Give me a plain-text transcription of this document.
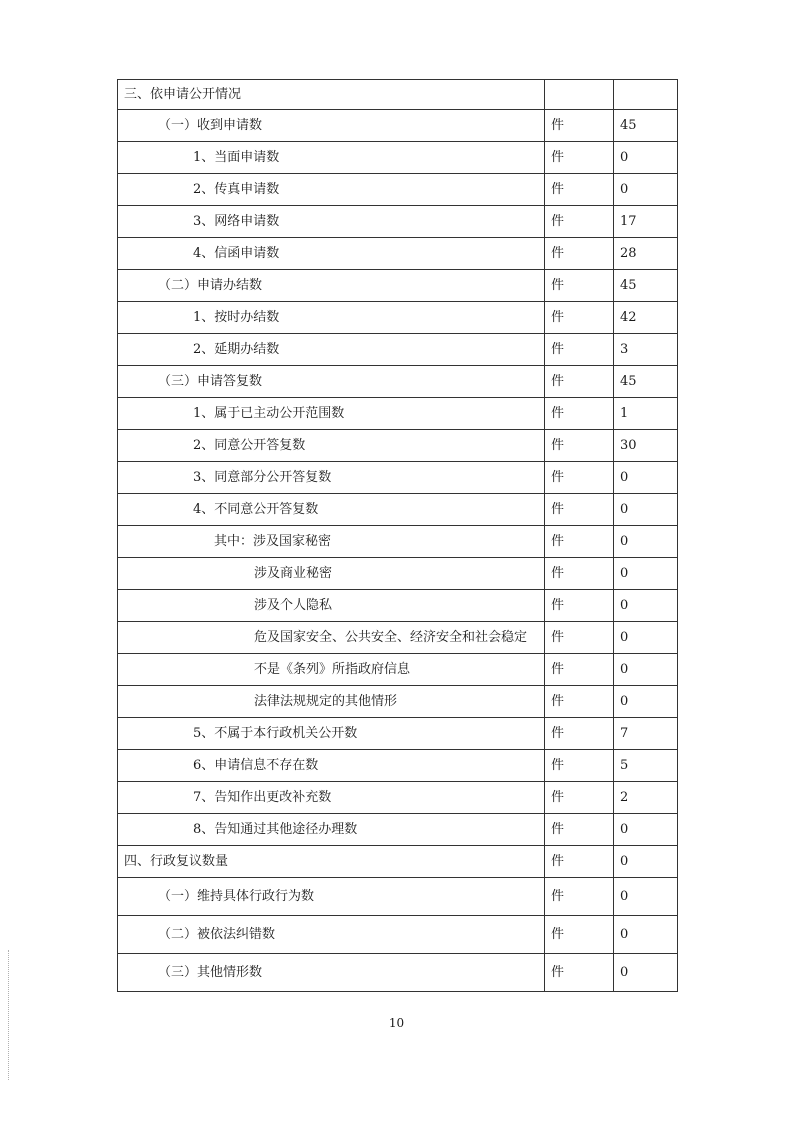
三、依申请公开情况		
（一）收到申请数	件	45
1、当面申请数	件	0
2、传真申请数	件	0
3、网络申请数	件	17
4、信函申请数	件	28
（二）申请办结数	件	45
1、按时办结数	件	42
2、延期办结数	件	3
（三）申请答复数	件	45
1、属于已主动公开范围数	件	1
2、同意公开答复数	件	30
3、同意部分公开答复数	件	0
4、不同意公开答复数	件	0
其中：涉及国家秘密	件	0
涉及商业秘密	件	0
涉及个人隐私	件	0
危及国家安全、公共安全、经济安全和社会稳定	件	0
不是《条列》所指政府信息	件	0
法律法规规定的其他情形	件	0
5、不属于本行政机关公开数	件	7
6、申请信息不存在数	件	5
7、告知作出更改补充数	件	2
8、告知通过其他途径办理数	件	0
四、行政复议数量	件	0
（一）维持具体行政行为数	件	0
（二）被依法纠错数	件	0
（三）其他情形数	件	0
10
